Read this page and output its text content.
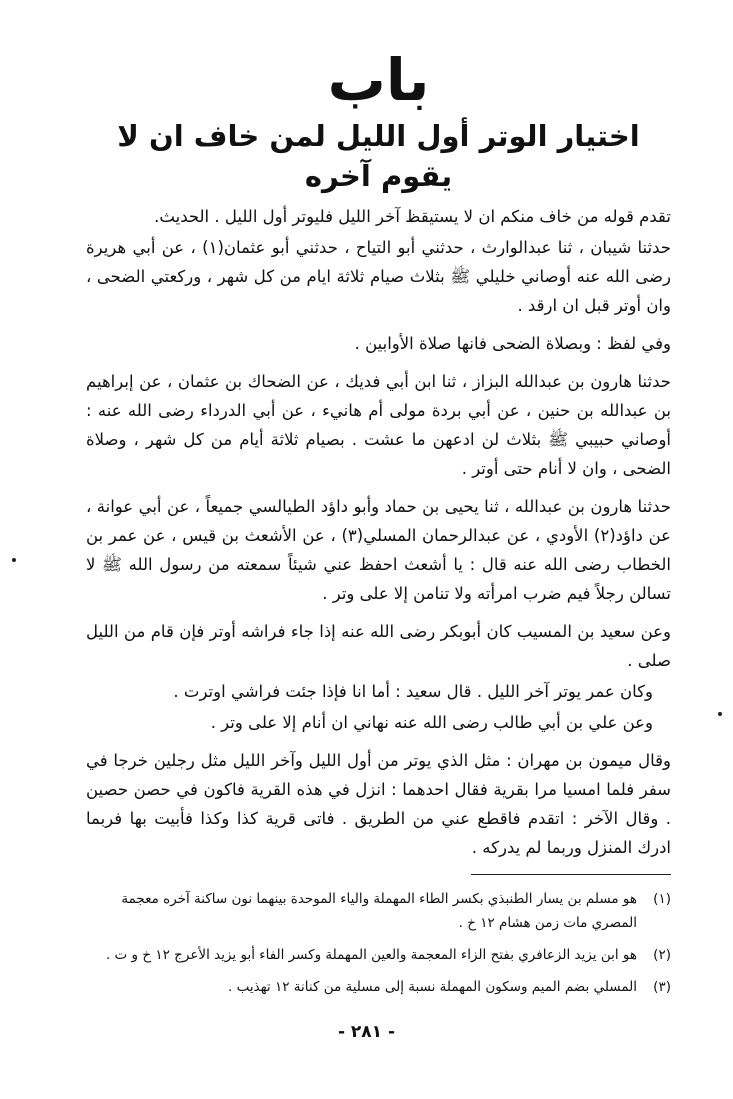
باب
اختيار الوتر أول الليل لمن خاف ان لا يقوم آخره

تقدم قوله من خاف منكم ان لا يستيقظ آخر الليل فليوتر أول الليل . الحديث.

حدثنا شيبان ، ثنا عبدالوارث ، حدثني أبو التياح ، حدثني أبو عثمان(١) ، عن أبي هريرة رضى الله عنه أوصاني خليلي ﷺ بثلاث صيام ثلاثة ايام من كل شهر ، وركعتي الضحى ، وان أوتر قبل ان ارقد .

وفي لفظ : وبصلاة الضحى فانها صلاة الأوابين .

حدثنا هارون بن عبدالله البزاز ، ثنا ابن أبي فديك ، عن الضحاك بن عثمان ، عن إبراهيم بن عبدالله بن حنين ، عن أبي بردة مولى أم هانيء ، عن أبي الدرداء رضى الله عنه : أوصاني حبيبي ﷺ بثلاث لن ادعهن ما عشت . بصيام ثلاثة أيام من كل شهر ، وصلاة الضحى ، وان لا أنام حتى أوتر .

حدثنا هارون بن عبدالله ، ثنا يحيى بن حماد وأبو داؤد الطيالسي جميعاً ، عن أبي عوانة ، عن داؤد(٢) الأودي ، عن عبدالرحمان المسلي(٣) ، عن الأشعث بن قيس ، عن عمر بن الخطاب رضى الله عنه قال : يا أشعث احفظ عني شيئاً سمعته من رسول الله ﷺ لا تسالن رجلاً فيم ضرب امرأته ولا تنامن إلا على وتر .

وعن سعيد بن المسيب كان أبوبكر رضى الله عنه إذا جاء فراشه أوتر فإن قام من الليل صلى .

وكان عمر يوتر آخر الليل . قال سعيد : أما انا فإذا جئت فراشي اوترت .

وعن علي بن أبي طالب رضى الله عنه نهاني ان أنام إلا على وتر .

وقال ميمون بن مهران : مثل الذي يوتر من أول الليل وآخر الليل مثل رجلين خرجا في سفر فلما امسيا مرا بقرية فقال احدهما : انزل في هذه القرية فاكون في حصن حصين . وقال الآخر : اتقدم فاقطع عني من الطريق . فاتى قرية كذا وكذا فأبيت بها فربما ادرك المنزل وربما لم يدركه .

(١)
هو مسلم بن يسار الطنبذي بكسر الطاء المهملة والياء الموحدة بينهما نون ساكنة آخره معجمة المصري مات زمن هشام ١٢ خ .
(٢)
هو ابن يزيد الزعافري بفتح الزاء المعجمة والعين المهملة وكسر الفاء أبو يزيد الأعرج ١٢ خ و ت .
(٣)
المسلي بضم الميم وسكون المهملة نسبة إلى مسلية من كنانة ١٢ تهذيب .
- ٢٨١ -
